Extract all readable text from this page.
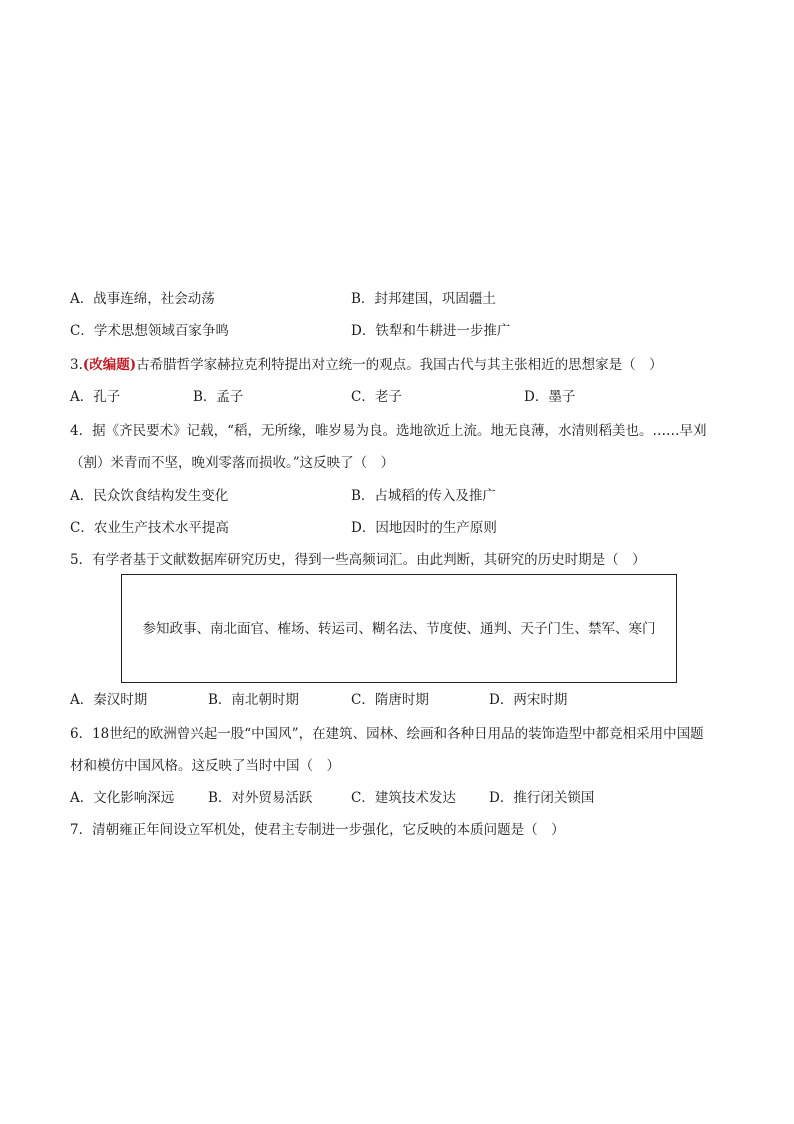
A．战事连绵，社会动荡	B．封邦建国，巩固疆土
C．学术思想领域百家争鸣	D．铁犁和牛耕进一步推广
3.(改编题)古希腊哲学家赫拉克利特提出对立统一的观点。我国古代与其主张相近的思想家是（　）
A．孔子	B．孟子	C．老子	D．墨子
4．据《齐民要术》记载，“稻，无所缘，唯岁易为良。选地欲近上流。地无良薄，水清则稻美也。……早刈
（割）米青而不坚，晚刈零落而损收。”这反映了（　）
A．民众饮食结构发生变化	B．占城稻的传入及推广
C．农业生产技术水平提高	D．因地因时的生产原则
5．有学者基于文献数据库研究历史，得到一些高频词汇。由此判断，其研究的历史时期是（　）
参知政事、南北面官、榷场、转运司、糊名法、节度使、通判、天子门生、禁军、寒门
A．秦汉时期	B．南北朝时期	C．隋唐时期	D．两宋时期
6．18世纪的欧洲曾兴起一股“中国风”，在建筑、园林、绘画和各种日用品的装饰造型中都竞相采用中国题
材和模仿中国风格。这反映了当时中国（　）
A．文化影响深远	B．对外贸易活跃	C．建筑技术发达 D．推行闭关锁国
7．清朝雍正年间设立军机处，使君主专制进一步强化，它反映的本质问题是（　）
